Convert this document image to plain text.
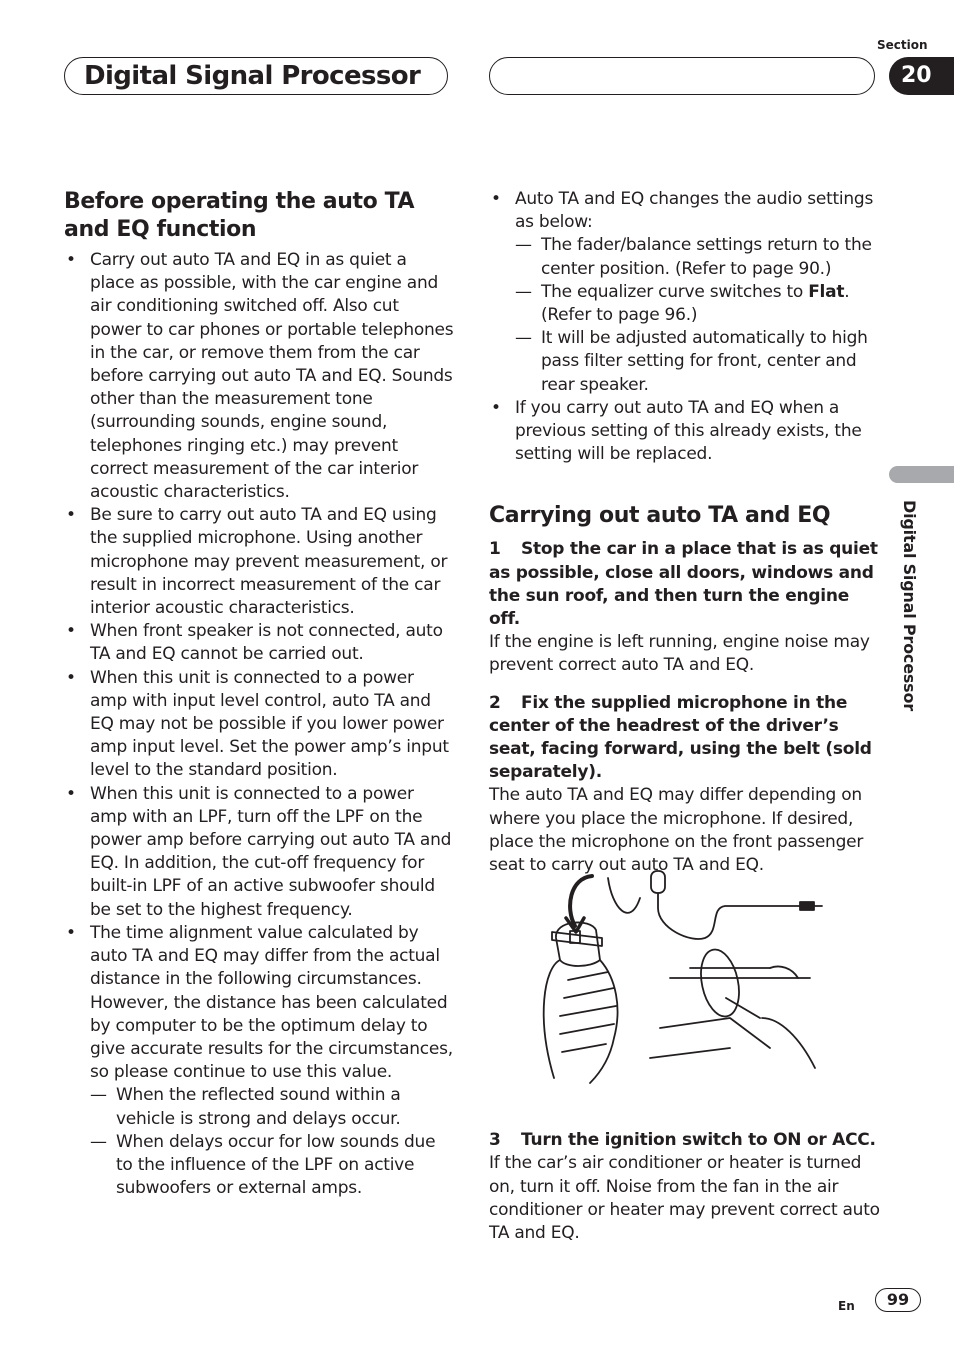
Digital Signal Processor
Section
20
Digital Signal Processor
Before operating the auto TA and EQ function
• Carry out auto TA and EQ in as quiet a place as possible, with the car engine and air conditioning switched off. Also cut power to car phones or portable telephones in the car, or remove them from the car before carrying out auto TA and EQ. Sounds other than the measurement tone (surrounding sounds, engine sound, telephones ringing etc.) may prevent correct measurement of the car interior acoustic characteristics.
• Be sure to carry out auto TA and EQ using the supplied microphone. Using another microphone may prevent measurement, or result in incorrect measurement of the car interior acoustic characteristics.
• When front speaker is not connected, auto TA and EQ cannot be carried out.
• When this unit is connected to a power amp with input level control, auto TA and EQ may not be possible if you lower power amp input level. Set the power amp’s input level to the standard position.
• When this unit is connected to a power amp with an LPF, turn off the LPF on the power amp before carrying out auto TA and EQ. In addition, the cut-off frequency for built-in LPF of an active subwoofer should be set to the highest frequency.
• The time alignment value calculated by auto TA and EQ may differ from the actual distance in the following circumstances. However, the distance has been calculated by computer to be the optimum delay to give accurate results for the circumstances, so please continue to use this value.
— When the reflected sound within a vehicle is strong and delays occur.
— When delays occur for low sounds due to the influence of the LPF on active subwoofers or external amps.
• Auto TA and EQ changes the audio settings as below:
— The fader/balance settings return to the center position. (Refer to page 90.)
— The equalizer curve switches to Flat. (Refer to page 96.)
— It will be adjusted automatically to high pass filter setting for front, center and rear speaker.
• If you carry out auto TA and EQ when a previous setting of this already exists, the setting will be replaced.
Carrying out auto TA and EQ

1 Stop the car in a place that is as quiet as possible, close all doors, windows and the sun roof, and then turn the engine off.

If the engine is left running, engine noise may prevent correct auto TA and EQ.

2 Fix the supplied microphone in the center of the headrest of the driver’s seat, facing forward, using the belt (sold separately).

The auto TA and EQ may differ depending on where you place the microphone. If desired, place the microphone on the front passenger seat to carry out auto TA and EQ.

3 Turn the ignition switch to ON or ACC.

If the car’s air conditioner or heater is turned on, turn it off. Noise from the fan in the air conditioner or heater may prevent correct auto TA and EQ.

En	99
